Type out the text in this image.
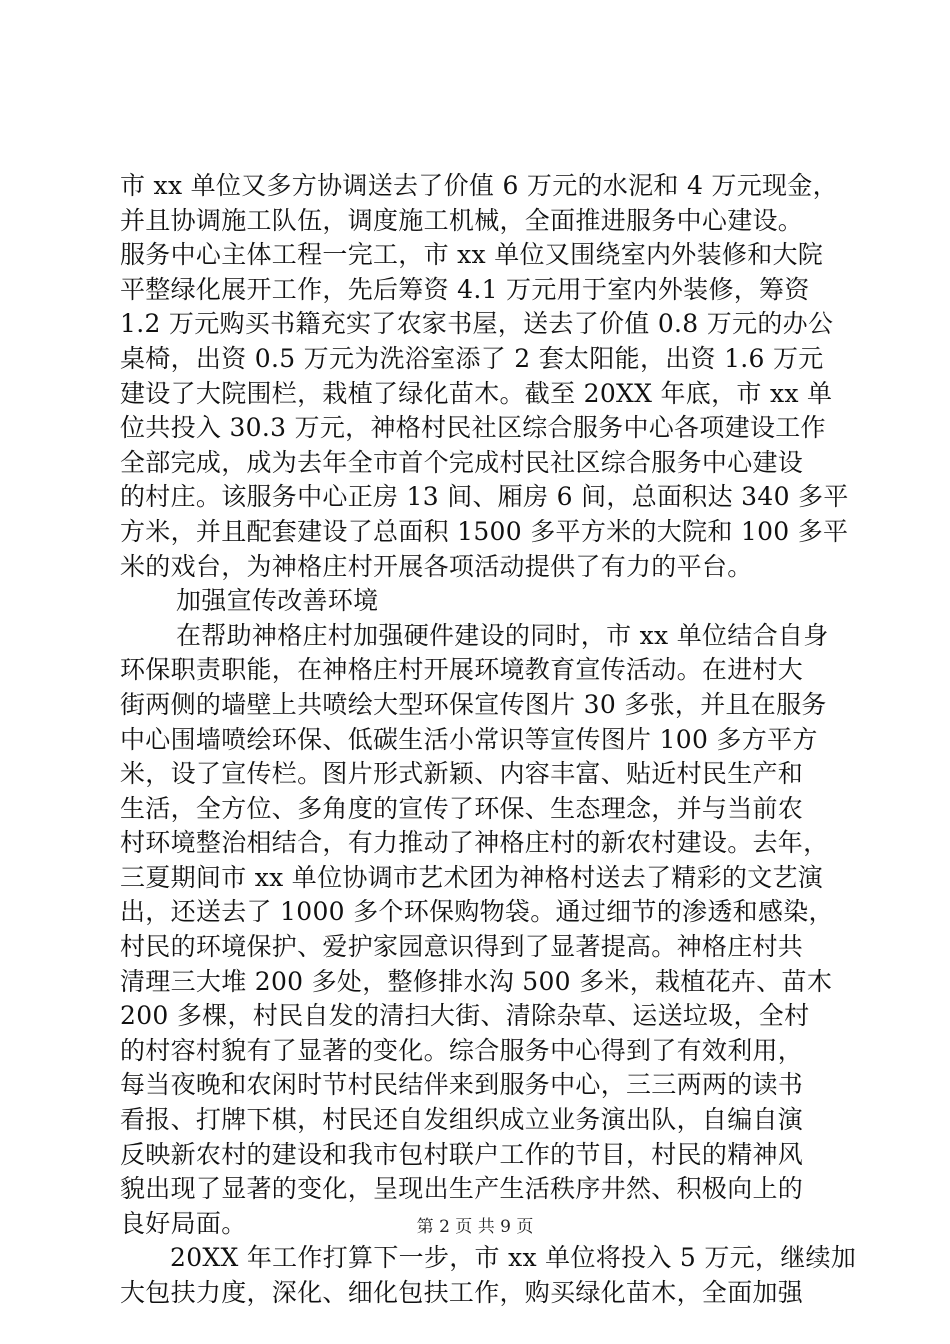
市 xx 单位又多方协调送去了价值 6 万元的水泥和 4 万元现金，
并且协调施工队伍，调度施工机械，全面推进服务中心建设。
服务中心主体工程一完工，市 xx 单位又围绕室内外装修和大院
平整绿化展开工作，先后筹资 4.1 万元用于室内外装修，筹资
1.2 万元购买书籍充实了农家书屋，送去了价值 0.8 万元的办公
桌椅，出资 0.5 万元为洗浴室添了 2 套太阳能，出资 1.6 万元
建设了大院围栏，栽植了绿化苗木。截至 20XX 年底，市 xx 单
位共投入 30.3 万元，神格村民社区综合服务中心各项建设工作
全部完成，成为去年全市首个完成村民社区综合服务中心建设
的村庄。该服务中心正房 13 间、厢房 6 间，总面积达 340 多平
方米，并且配套建设了总面积 1500 多平方米的大院和 100 多平
米的戏台，为神格庄村开展各项活动提供了有力的平台。
加强宣传改善环境
在帮助神格庄村加强硬件建设的同时，市 xx 单位结合自身
环保职责职能，在神格庄村开展环境教育宣传活动。在进村大
街两侧的墙壁上共喷绘大型环保宣传图片 30 多张，并且在服务
中心围墙喷绘环保、低碳生活小常识等宣传图片 100 多方平方
米，设了宣传栏。图片形式新颖、内容丰富、贴近村民生产和
生活，全方位、多角度的宣传了环保、生态理念，并与当前农
村环境整治相结合，有力推动了神格庄村的新农村建设。去年，
三夏期间市 xx 单位协调市艺术团为神格村送去了精彩的文艺演
出，还送去了 1000 多个环保购物袋。通过细节的渗透和感染，
村民的环境保护、爱护家园意识得到了显著提高。神格庄村共
清理三大堆 200 多处，整修排水沟 500 多米，栽植花卉、苗木
200 多棵，村民自发的清扫大街、清除杂草、运送垃圾，全村
的村容村貌有了显著的变化。综合服务中心得到了有效利用，
每当夜晚和农闲时节村民结伴来到服务中心，三三两两的读书
看报、打牌下棋，村民还自发组织成立业务演出队，自编自演
反映新农村的建设和我市包村联户工作的节目，村民的精神风
貌出现了显著的变化，呈现出生产生活秩序井然、积极向上的
良好局面。
20XX 年工作打算下一步，市 xx 单位将投入 5 万元，继续加
大包扶力度，深化、细化包扶工作，购买绿化苗木，全面加强
第 2 页 共 9 页
